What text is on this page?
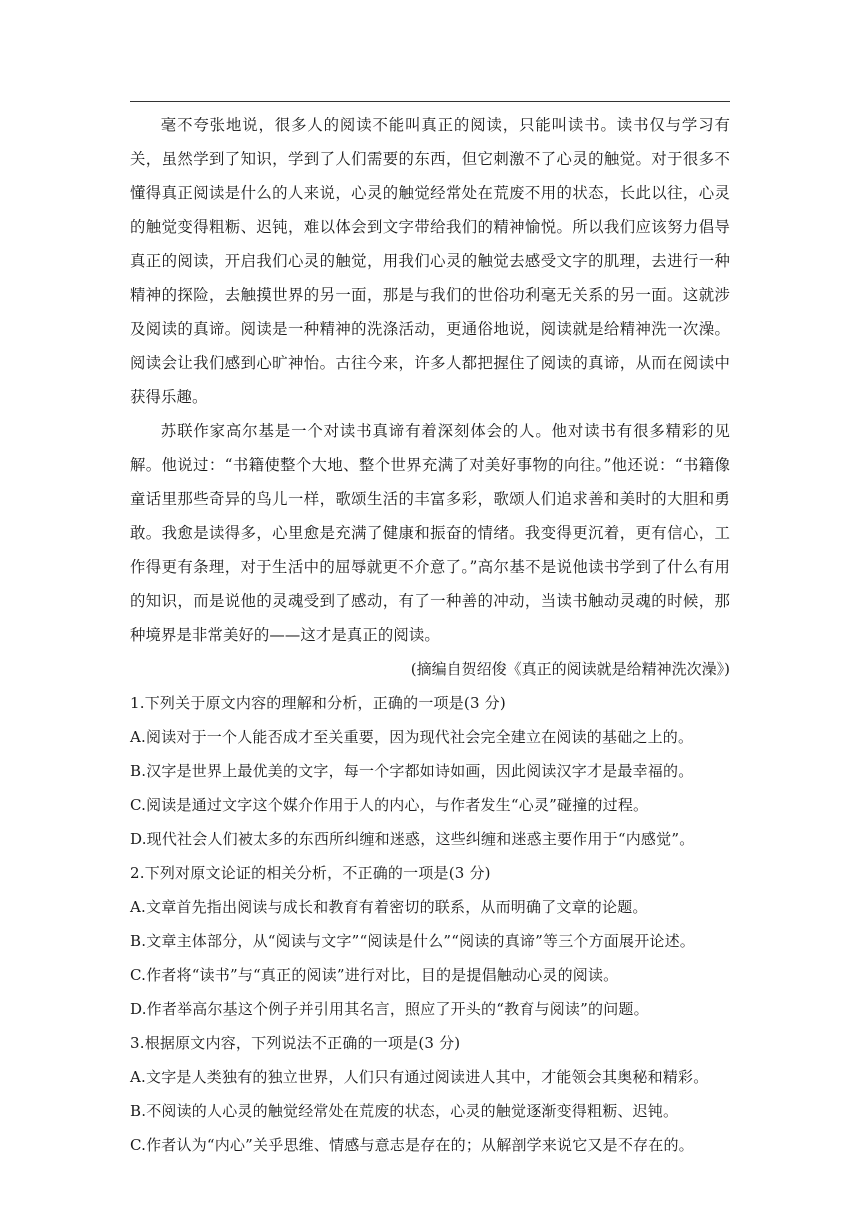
毫不夸张地说，很多人的阅读不能叫真正的阅读，只能叫读书。读书仅与学习有关，虽然学到了知识，学到了人们需要的东西，但它刺激不了心灵的触觉。对于很多不懂得真正阅读是什么的人来说，心灵的触觉经常处在荒废不用的状态，长此以往，心灵的触觉变得粗粝、迟钝，难以体会到文字带给我们的精神愉悦。所以我们应该努力倡导真正的阅读，开启我们心灵的触觉，用我们心灵的触觉去感受文字的肌理，去进行一种精神的探险，去触摸世界的另一面，那是与我们的世俗功利毫无关系的另一面。这就涉及阅读的真谛。阅读是一种精神的洗涤活动，更通俗地说，阅读就是给精神洗一次澡。阅读会让我们感到心旷神怡。古往今来，许多人都把握住了阅读的真谛，从而在阅读中获得乐趣。

苏联作家高尔基是一个对读书真谛有着深刻体会的人。他对读书有很多精彩的见解。他说过：“书籍使整个大地、整个世界充满了对美好事物的向往。”他还说：“书籍像童话里那些奇异的鸟儿一样，歌颂生活的丰富多彩，歌颂人们追求善和美时的大胆和勇敢。我愈是读得多，心里愈是充满了健康和振奋的情绪。我变得更沉着，更有信心，工作得更有条理，对于生活中的屈辱就更不介意了。”高尔基不是说他读书学到了什么有用的知识，而是说他的灵魂受到了感动，有了一种善的冲动，当读书触动灵魂的时候，那种境界是非常美好的——这才是真正的阅读。

(摘编自贺绍俊《真正的阅读就是给精神洗次澡》)

1.下列关于原文内容的理解和分析，正确的一项是(3 分)

A.阅读对于一个人能否成才至关重要，因为现代社会完全建立在阅读的基础之上的。

B.汉字是世界上最优美的文字，每一个字都如诗如画，因此阅读汉字才是最幸福的。

C.阅读是通过文字这个媒介作用于人的内心，与作者发生“心灵”碰撞的过程。

D.现代社会人们被太多的东西所纠缠和迷惑，这些纠缠和迷惑主要作用于“内感觉”。

2.下列对原文论证的相关分析，不正确的一项是(3 分)

A.文章首先指出阅读与成长和教育有着密切的联系，从而明确了文章的论题。

B.文章主体部分，从“阅读与文字”“阅读是什么”“阅读的真谛”等三个方面展开论述。

C.作者将“读书”与“真正的阅读”进行对比，目的是提倡触动心灵的阅读。

D.作者举高尔基这个例子并引用其名言，照应了开头的“教育与阅读”的问题。

3.根据原文内容，下列说法不正确的一项是(3 分)

A.文字是人类独有的独立世界，人们只有通过阅读进人其中，才能领会其奥秘和精彩。

B.不阅读的人心灵的触觉经常处在荒废的状态，心灵的触觉逐渐变得粗粝、迟钝。

C.作者认为“内心”关乎思维、情感与意志是存在的；从解剖学来说它又是不存在的。
